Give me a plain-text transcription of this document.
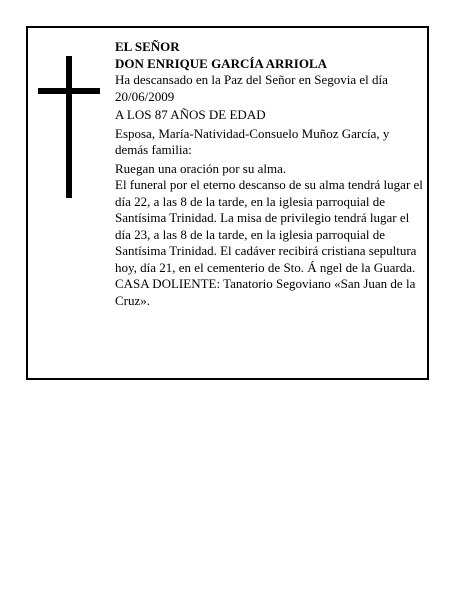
EL SEÑOR

DON ENRIQUE GARCÍA ARRIOLA

Ha descansado en la Paz del Señor en Segovia el día 20/06/2009

A LOS 87 AÑOS DE EDAD

Esposa, María-Natividad-Consuelo Muñoz García, y demás familia:

Ruegan una oración por su alma.

El funeral por el eterno descanso de su alma tendrá lugar el día 22, a las 8 de la tarde, en la iglesia parroquial de Santísima Trinidad. La misa de privilegio tendrá lugar el día 23, a las 8 de la tarde, en la iglesia parroquial de Santísima Trinidad. El cadáver recibirá cristiana sepultura hoy, día 21, en el cementerio de Sto. Á ngel de la Guarda.

CASA DOLIENTE: Tanatorio Segoviano «San Juan de la Cruz».
